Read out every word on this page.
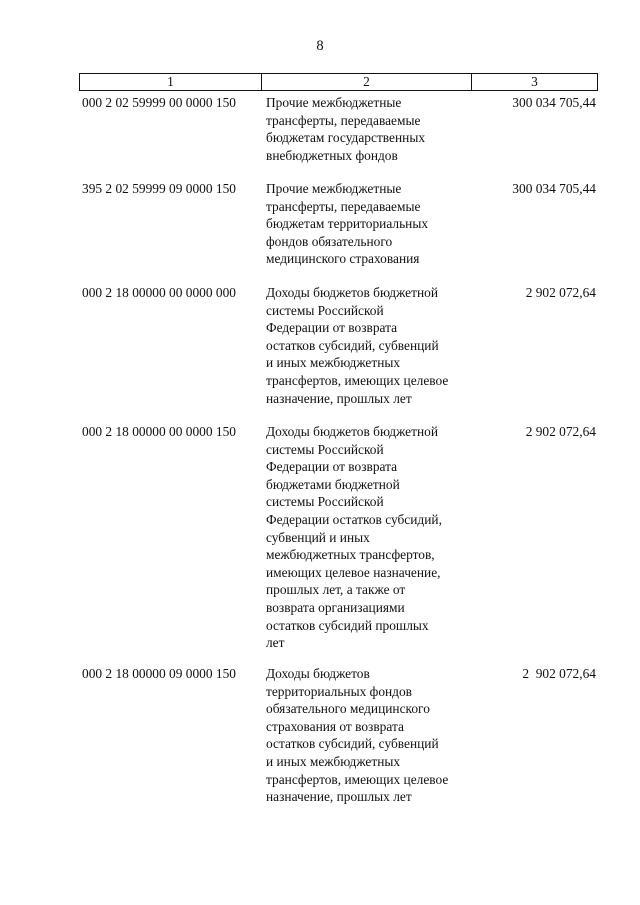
8
1	2	3
000 2 02 59999 00 0000 150 Прочие межбюджетные
трансферты, передаваемые
бюджетам государственных
внебюджетных фондов
300 034 705,44
395 2 02 59999 09 0000 150 Прочие межбюджетные
трансферты, передаваемые
бюджетам территориальных
фондов обязательного
медицинского страхования
300 034 705,44
000 2 18 00000 00 0000 000 Доходы бюджетов бюджетной
системы Российской
Федерации от возврата
остатков субсидий, субвенций
и иных межбюджетных
трансфертов, имеющих целевое
назначение, прошлых лет
2 902 072,64
000 2 18 00000 00 0000 150 Доходы бюджетов бюджетной
системы Российской
Федерации от возврата
бюджетами бюджетной
системы Российской
Федерации остатков субсидий,
субвенций и иных
межбюджетных трансфертов,
имеющих целевое назначение,
прошлых лет, а также от
возврата организациями
остатков субсидий прошлых
лет
2 902 072,64
000 2 18 00000 09 0000 150 Доходы бюджетов
территориальных фондов
обязательного медицинского
страхования от возврата
остатков субсидий, субвенций
и иных межбюджетных
трансфертов, имеющих целевое
назначение, прошлых лет
2  902 072,64
